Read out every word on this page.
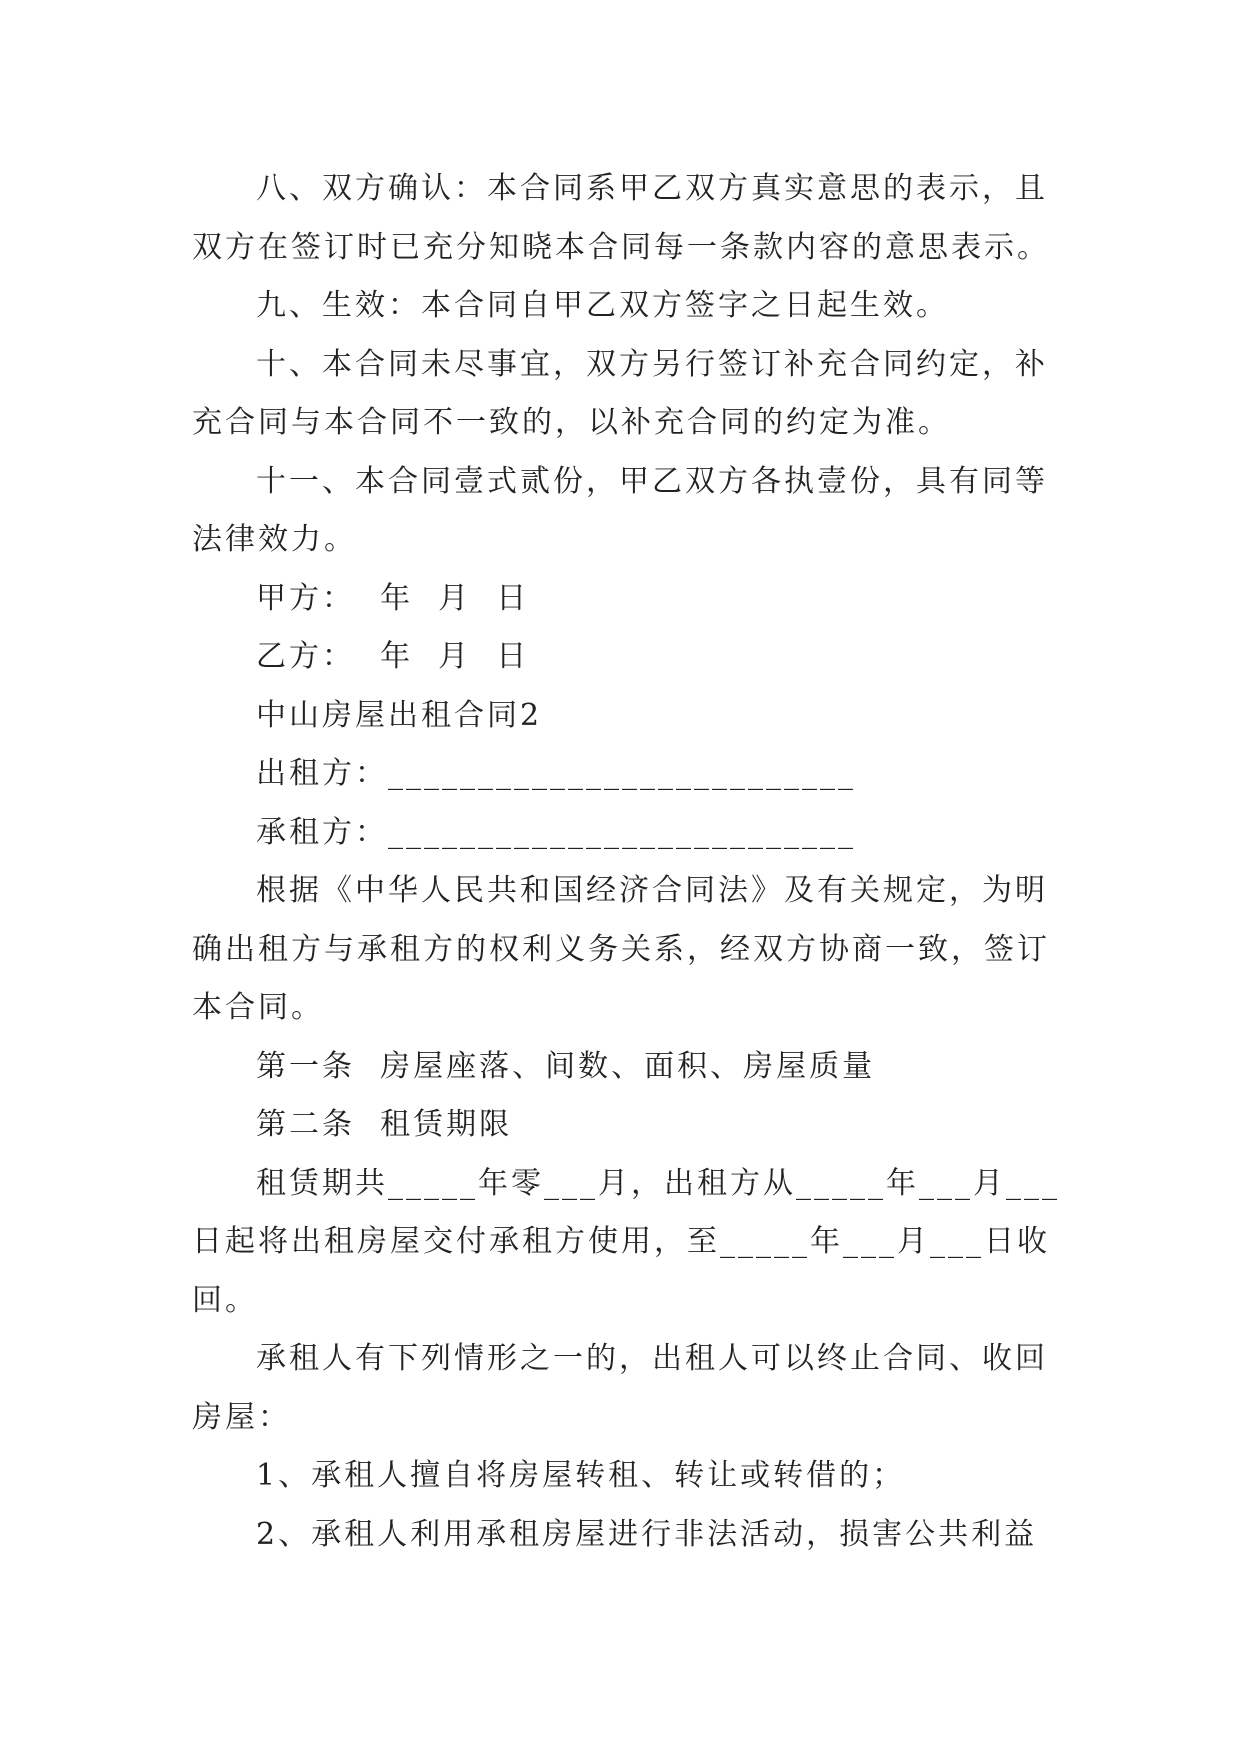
八、双方确认：本合同系甲乙双方真实意思的表示，且
双方在签订时已充分知晓本合同每一条款内容的意思表示。
九、生效：本合同自甲乙双方签字之日起生效。
十、本合同未尽事宜，双方另行签订补充合同约定，补
充合同与本合同不一致的，以补充合同的约定为准。
十一、本合同壹式贰份，甲乙双方各执壹份，具有同等
法律效力。
甲方：  年  月  日
乙方：  年  月  日
中山房屋出租合同2
出租方：__________________________
承租方：__________________________
根据《中华人民共和国经济合同法》及有关规定，为明
确出租方与承租方的权利义务关系，经双方协商一致，签订
本合同。
第一条  房屋座落、间数、面积、房屋质量
第二条  租赁期限
租赁期共_____年零___月，出租方从_____年___月___
日起将出租房屋交付承租方使用，至_____年___月___日收
回。
承租人有下列情形之一的，出租人可以终止合同、收回
房屋：
1、承租人擅自将房屋转租、转让或转借的；
2、承租人利用承租房屋进行非法活动，损害公共利益
